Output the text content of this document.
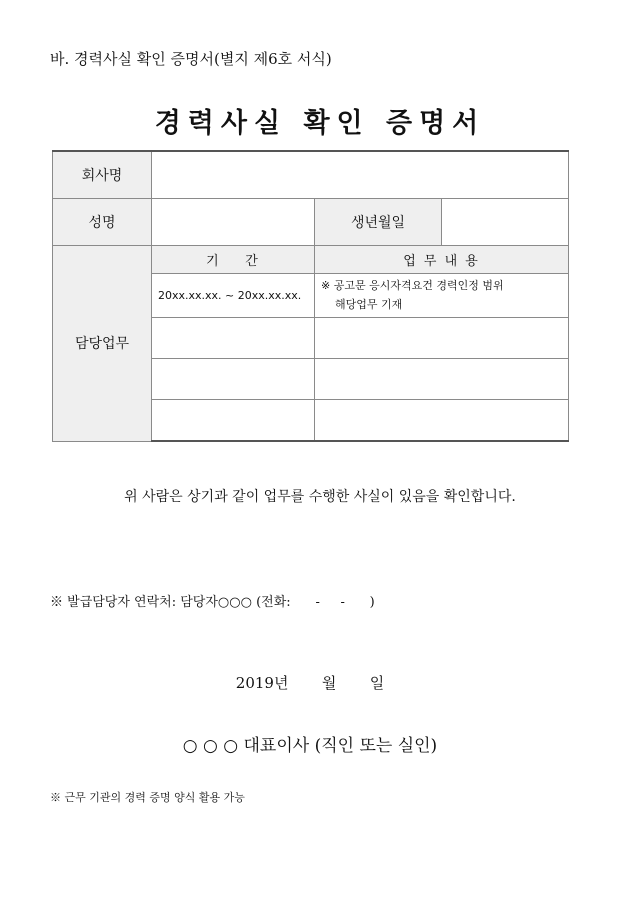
바. 경력사실 확인 증명서(별지 제6호 서식)
경력사실 확인 증명서
회사명			
성명		생년월일	
담당업무	기    간	업 무 내 용	
	20xx.xx.xx. ~ 20xx.xx.xx.	※ 공고문 응시자격요건 경력인정 범위
해당업무 기재	

위 사람은 상기과 같이 업무를 수행한 사실이 있음을 확인합니다.
※ 발급담당자 연락처: 담당자○○○ (전화:      -     -      )
2019년       월       일
○ ○ ○ 대표이사 (직인 또는 실인)
※ 근무 기관의 경력 증명 양식 활용 가능
